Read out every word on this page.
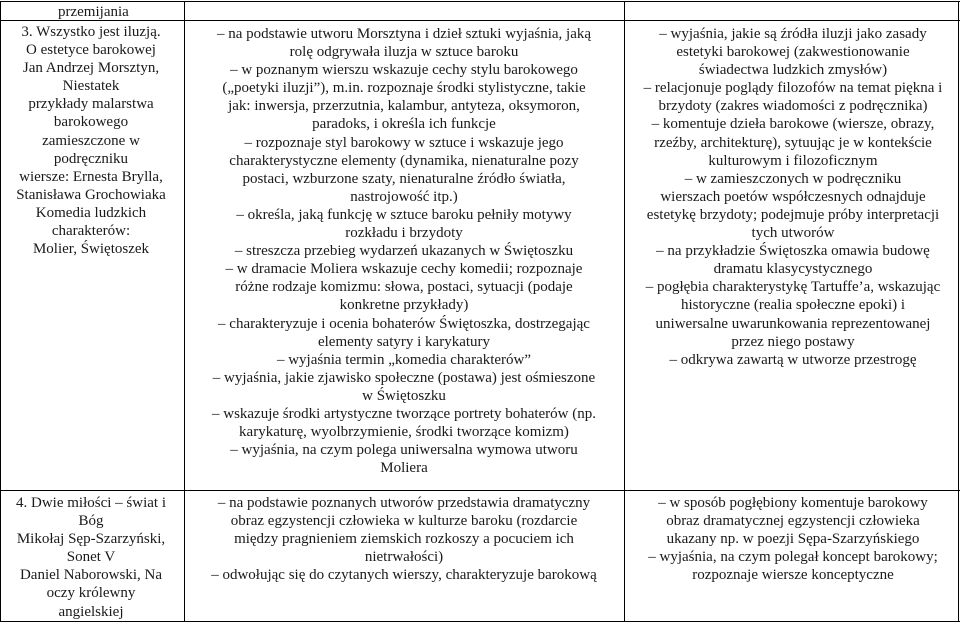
przemijania

3. Wszystko jest iluzją.

O estetyce barokowej

Jan Andrzej Morsztyn,

Niestatek

przykłady malarstwa

barokowego

zamieszczone w

podręczniku

wiersze: Ernesta Brylla,

Stanisława Grochowiaka

Komedia ludzkich

charakterów:

Molier, Świętoszek

– na podstawie utworu Morsztyna i dzieł sztuki wyjaśnia, jaką

rolę odgrywała iluzja w sztuce baroku

– w poznanym wierszu wskazuje cechy stylu barokowego

(„poetyki iluzji”), m.in. rozpoznaje środki stylistyczne, takie

jak: inwersja, przerzutnia, kalambur, antyteza, oksymoron,

paradoks, i określa ich funkcje

– rozpoznaje styl barokowy w sztuce i wskazuje jego

charakterystyczne elementy (dynamika, nienaturalne pozy

postaci, wzburzone szaty, nienaturalne źródło światła,

nastrojowość itp.)

– określa, jaką funkcję w sztuce baroku pełniły motywy

rozkładu i brzydoty

– streszcza przebieg wydarzeń ukazanych w Świętoszku

– w dramacie Moliera wskazuje cechy komedii; rozpoznaje

różne rodzaje komizmu: słowa, postaci, sytuacji (podaje

konkretne przykłady)

– charakteryzuje i ocenia bohaterów Świętoszka, dostrzegając

elementy satyry i karykatury

– wyjaśnia termin „komedia charakterów”

– wyjaśnia, jakie zjawisko społeczne (postawa) jest ośmieszone

w Świętoszku

– wskazuje środki artystyczne tworzące portrety bohaterów (np.

karykaturę, wyolbrzymienie, środki tworzące komizm)

– wyjaśnia, na czym polega uniwersalna wymowa utworu

Moliera

– wyjaśnia, jakie są źródła iluzji jako zasady

estetyki barokowej (zakwestionowanie

świadectwa ludzkich zmysłów)

– relacjonuje poglądy filozofów na temat piękna i

brzydoty (zakres wiadomości z podręcznika)

– komentuje dzieła barokowe (wiersze, obrazy,

rzeźby, architekturę), sytuując je w kontekście

kulturowym i filozoficznym

– w zamieszczonych w podręczniku

wierszach poetów współczesnych odnajduje

estetykę brzydoty; podejmuje próby interpretacji

tych utworów

– na przykładzie Świętoszka omawia budowę

dramatu klasycystycznego

– pogłębia charakterystykę Tartuffe’a, wskazując

historyczne (realia społeczne epoki) i

uniwersalne uwarunkowania reprezentowanej

przez niego postawy

– odkrywa zawartą w utworze przestrogę

4. Dwie miłości – świat i

Bóg

Mikołaj Sęp-Szarzyński,

Sonet V

Daniel Naborowski, Na

oczy królewny

angielskiej

– na podstawie poznanych utworów przedstawia dramatyczny

obraz egzystencji człowieka w kulturze baroku (rozdarcie

między pragnieniem ziemskich rozkoszy a pocuciem ich

nietrwałości)

– odwołując się do czytanych wierszy, charakteryzuje barokową

– w sposób pogłębiony komentuje barokowy

obraz dramatycznej egzystencji człowieka

ukazany np. w poezji Sępa-Szarzyńskiego

– wyjaśnia, na czym polegał koncept barokowy;

rozpoznaje wiersze konceptyczne
